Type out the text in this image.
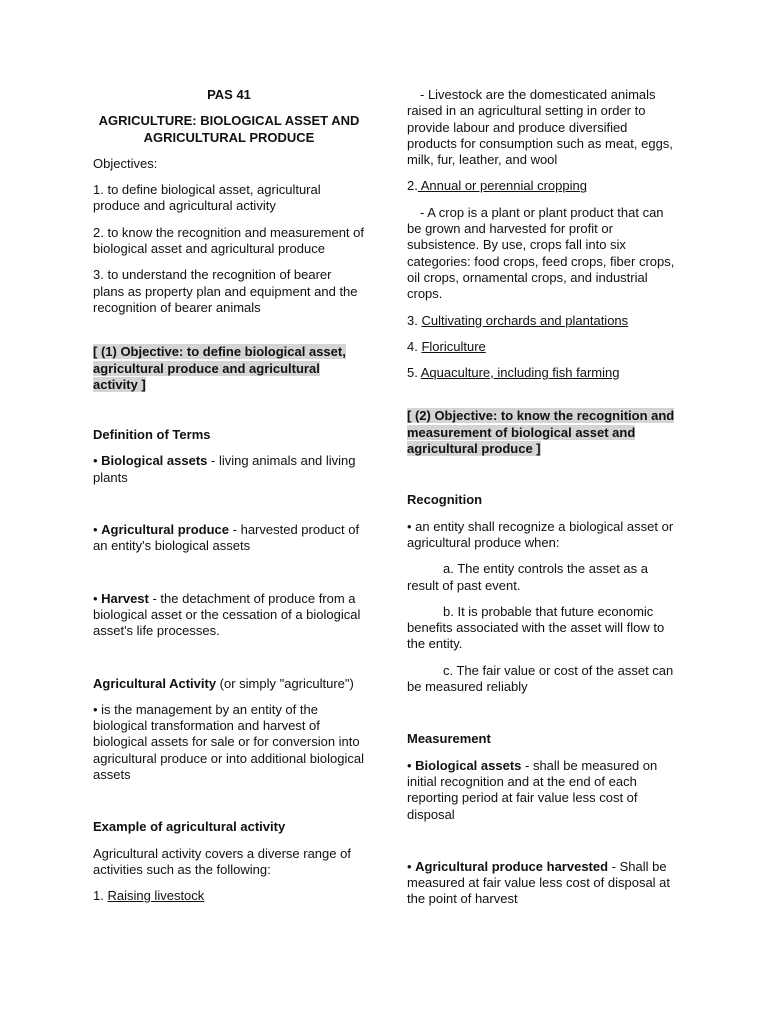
PAS 41

AGRICULTURE: BIOLOGICAL ASSET AND AGRICULTURAL PRODUCE

Objectives:

1. to define biological asset, agricultural produce and agricultural activity

2. to know the recognition and measurement of biological asset and agricultural produce

3. to understand the recognition of bearer plans as property plan and equipment and the recognition of bearer animals

[ (1) Objective: to define biological asset, agricultural produce and agricultural activity ]

Definition of Terms

• Biological assets - living animals and living plants

• Agricultural produce - harvested product of an entity's biological assets

• Harvest - the detachment of produce from a biological asset or the cessation of a biological asset's life processes.

Agricultural Activity (or simply "agriculture")

• is the management by an entity of the biological transformation and harvest of biological assets for sale or for conversion into agricultural produce or into additional biological assets

Example of agricultural activity

Agricultural activity covers a diverse range of activities such as the following:

1. Raising livestock

- Livestock are the domesticated animals raised in an agricultural setting in order to provide labour and produce diversified products for consumption such as meat, eggs, milk, fur, leather, and wool

2. Annual or perennial cropping

- A crop is a plant or plant product that can be grown and harvested for profit or subsistence. By use, crops fall into six categories: food crops, feed crops, fiber crops, oil crops, ornamental crops, and industrial crops.

3. Cultivating orchards and plantations

4. Floriculture

5. Aquaculture, including fish farming

[ (2) Objective: to know the recognition and measurement of biological asset and agricultural produce ]

Recognition

• an entity shall recognize a biological asset or agricultural produce when:

a. The entity controls the asset as a result of past event.

b. It is probable that future economic benefits associated with the asset will flow to the entity.

c. The fair value or cost of the asset can be measured reliably

Measurement

• Biological assets - shall be measured on initial recognition and at the end of each reporting period at fair value less cost of disposal

• Agricultural produce harvested - Shall be measured at fair value less cost of disposal at the point of harvest
